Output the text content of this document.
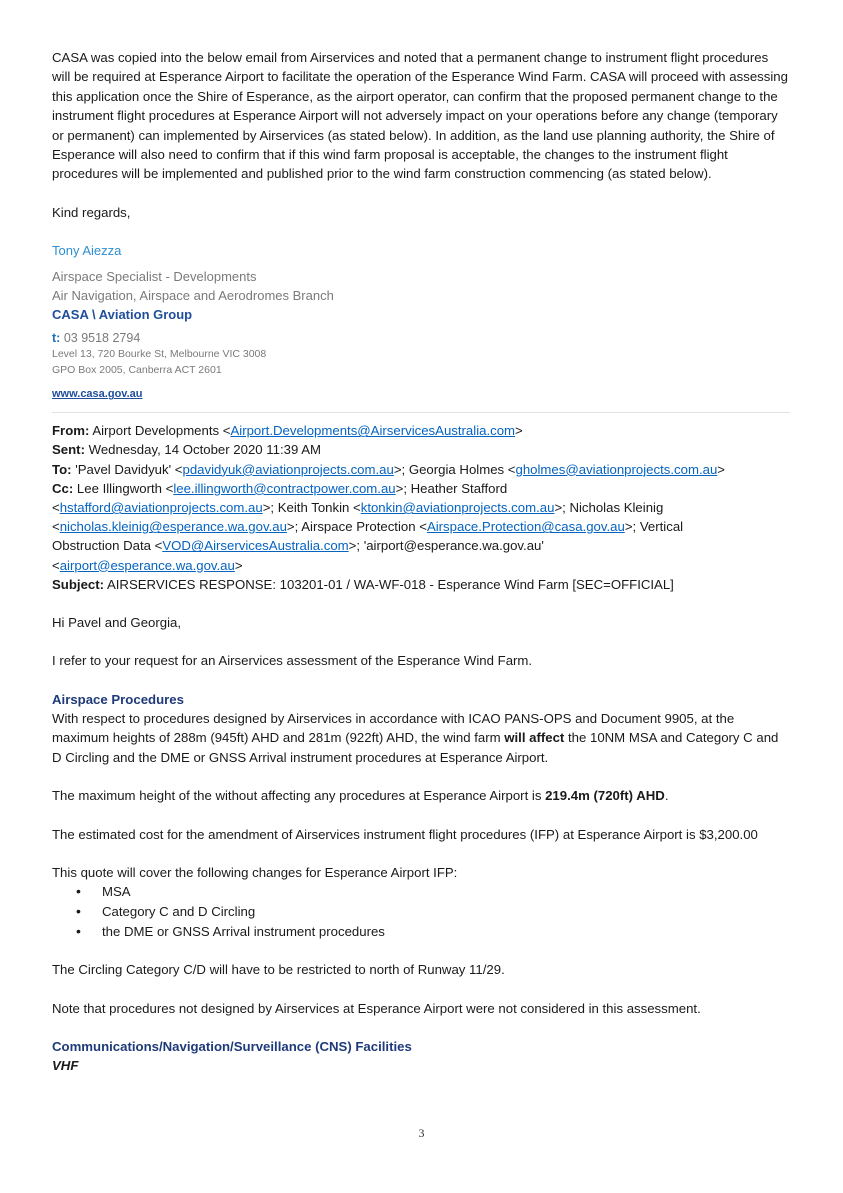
CASA was copied into the below email from Airservices and noted that a permanent change to instrument flight procedures will be required at Esperance Airport to facilitate the operation of the Esperance Wind Farm. CASA will proceed with assessing this application once the Shire of Esperance, as the airport operator, can confirm that the proposed permanent change to the instrument flight procedures at Esperance Airport will not adversely impact on your operations before any change (temporary or permanent) can implemented by Airservices (as stated below). In addition, as the land use planning authority, the Shire of Esperance will also need to confirm that if this wind farm proposal is acceptable, the changes to the instrument flight procedures will be implemented and published prior to the wind farm construction commencing (as stated below).

Kind regards,

Tony Aiezza

Airspace Specialist - Developments

Air Navigation, Airspace and Aerodromes Branch

CASA \ Aviation Group

t: 03 9518 2794

Level 13, 720 Bourke St, Melbourne VIC 3008

GPO Box 2005, Canberra ACT 2601

www.casa.gov.au

From: Airport Developments <Airport.Developments@AirservicesAustralia.com>

Sent: Wednesday, 14 October 2020 11:39 AM

To: 'Pavel Davidyuk' <pdavidyuk@aviationprojects.com.au>; Georgia Holmes <gholmes@aviationprojects.com.au>

Cc: Lee Illingworth <lee.illingworth@contractpower.com.au>; Heather Stafford
<hstafford@aviationprojects.com.au>; Keith Tonkin <ktonkin@aviationprojects.com.au>; Nicholas Kleinig
<nicholas.kleinig@esperance.wa.gov.au>; Airspace Protection <Airspace.Protection@casa.gov.au>; Vertical
Obstruction Data <VOD@AirservicesAustralia.com>; 'airport@esperance.wa.gov.au'
<airport@esperance.wa.gov.au>

Subject: AIRSERVICES RESPONSE: 103201-01 / WA-WF-018 - Esperance Wind Farm [SEC=OFFICIAL]

Hi Pavel and Georgia,

I refer to your request for an Airservices assessment of the Esperance Wind Farm.

Airspace Procedures

With respect to procedures designed by Airservices in accordance with ICAO PANS-OPS and Document 9905, at the maximum heights of 288m (945ft) AHD and 281m (922ft) AHD, the wind farm will affect the 10NM MSA and Category C and D Circling and the DME or GNSS Arrival instrument procedures at Esperance Airport.

The maximum height of the without affecting any procedures at Esperance Airport is 219.4m (720ft) AHD.

The estimated cost for the amendment of Airservices instrument flight procedures (IFP) at Esperance Airport is $3,200.00

This quote will cover the following changes for Esperance Airport IFP:

• MSA
• Category C and D Circling
• the DME or GNSS Arrival instrument procedures

The Circling Category C/D will have to be restricted to north of Runway 11/29.

Note that procedures not designed by Airservices at Esperance Airport were not considered in this assessment.

Communications/Navigation/Surveillance (CNS) Facilities

VHF

3
